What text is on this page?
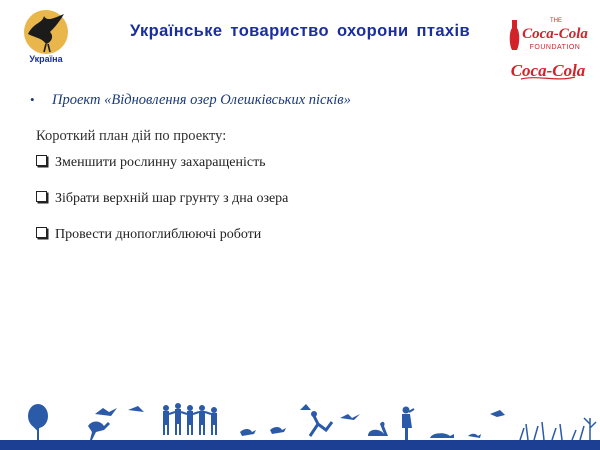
Україна
Українське товариство охорони птахів
THE
Coca-Cola
FOUNDATION
Coca-Cola
• Проект «Відновлення озер Олешківських пісків»
Короткий план дій по проекту:
Зменшити рослинну захаращеність
Зібрати верхній шар грунту з дна озера
Провести днопоглиблюючі роботи
